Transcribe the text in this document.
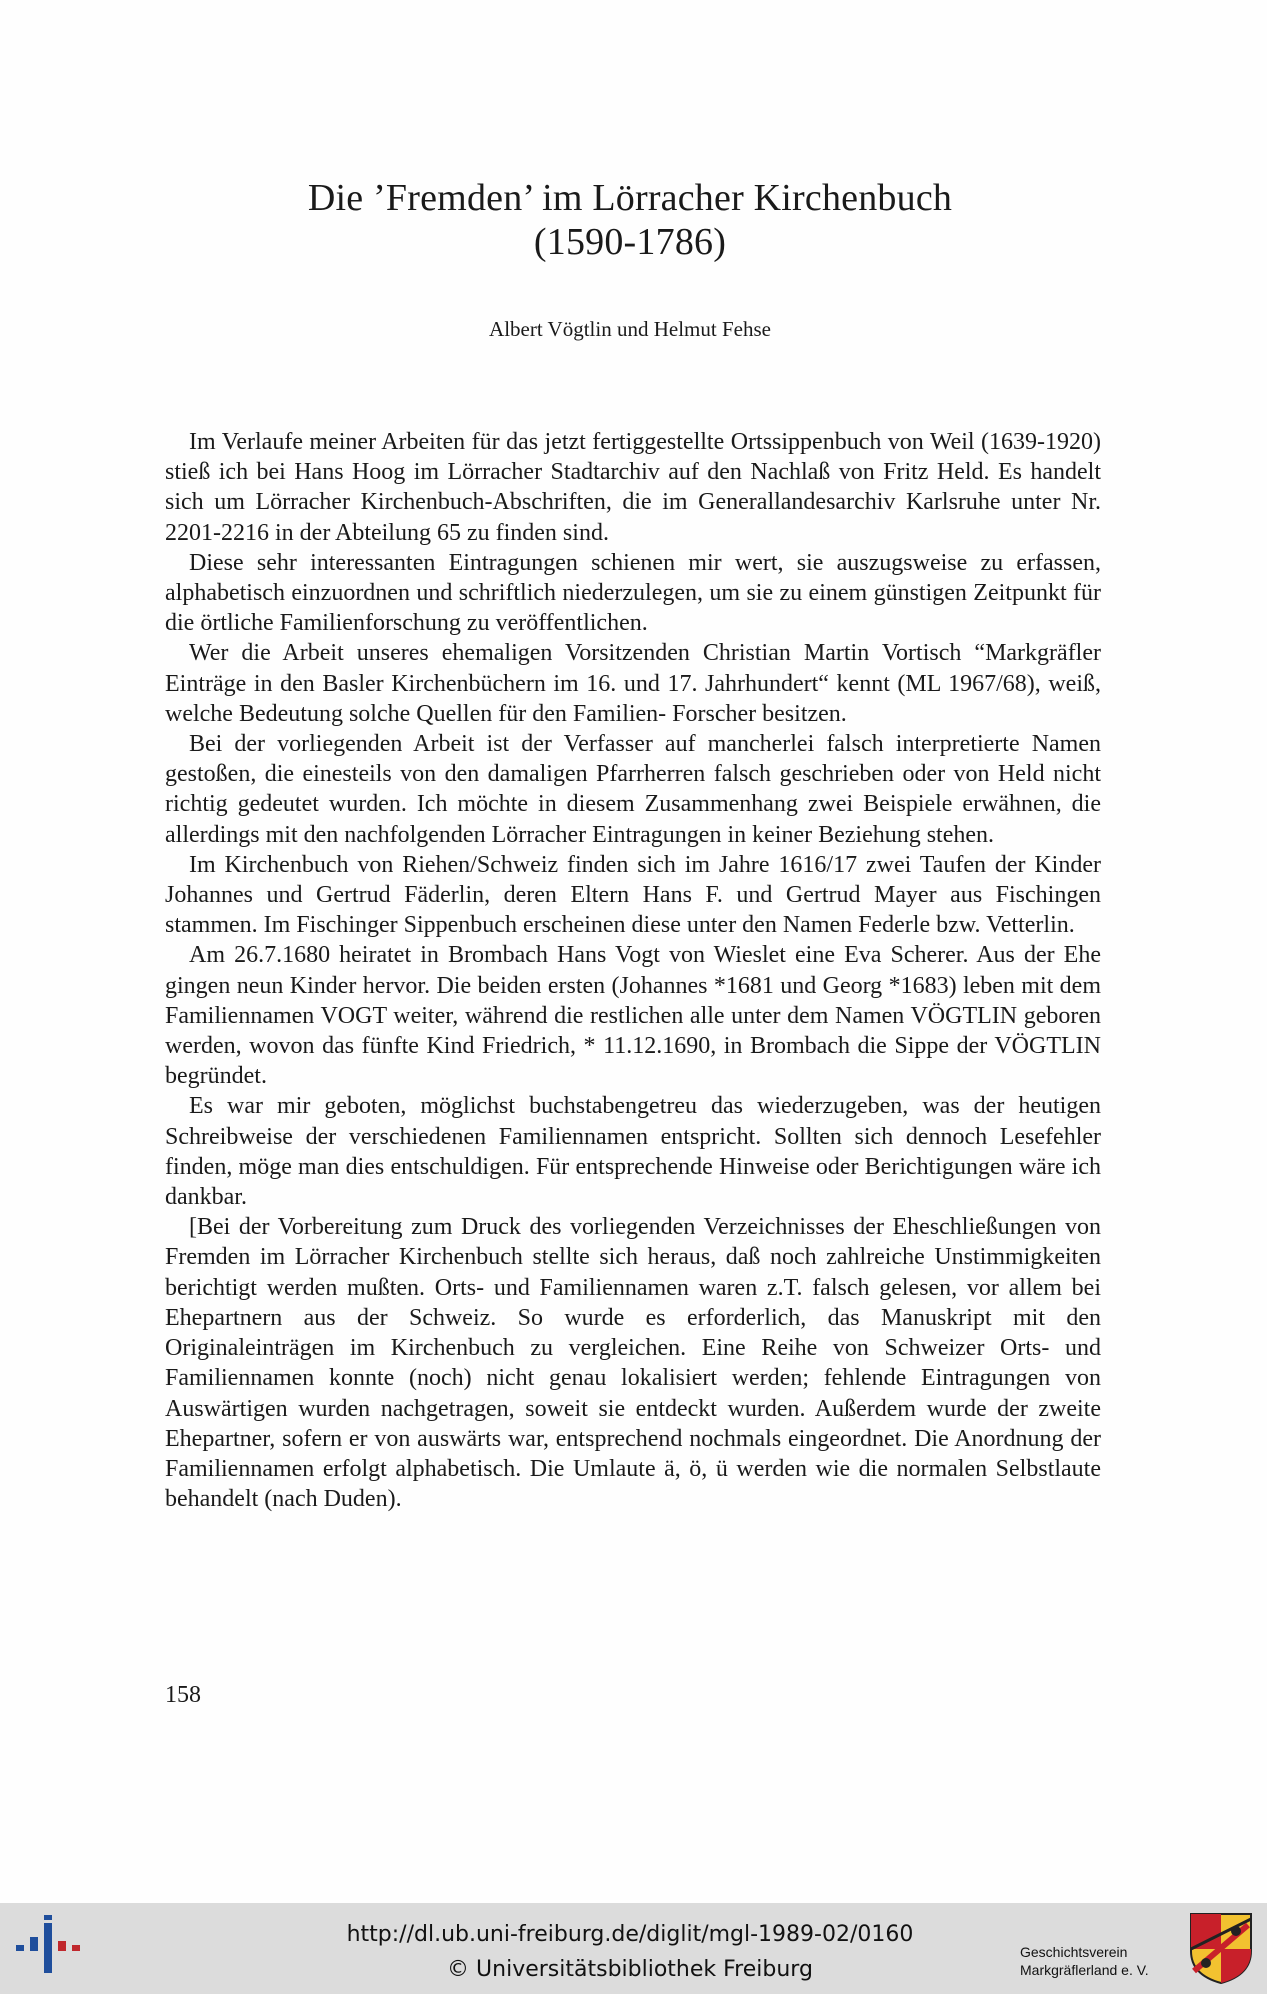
Die ’Fremden’ im Lörracher Kirchenbuch
(1590-1786)
Albert Vögtlin und Helmut Fehse

Im Verlaufe meiner Arbeiten für das jetzt fertiggestellte Ortssippenbuch von Weil (1639-1920) stieß ich bei Hans Hoog im Lörracher Stadtarchiv auf den Nachlaß von Fritz Held. Es handelt sich um Lörracher Kirchenbuch-Abschriften, die im Generallandesarchiv Karlsruhe unter Nr. 2201-2216 in der Abteilung 65 zu finden sind.

Diese sehr interessanten Eintragungen schienen mir wert, sie auszugsweise zu erfassen, alphabetisch einzuordnen und schriftlich niederzulegen, um sie zu einem günstigen Zeitpunkt für die örtliche Familienforschung zu veröffentlichen.

Wer die Arbeit unseres ehemaligen Vorsitzenden Christian Martin Vortisch “Markgräfler Einträge in den Basler Kirchenbüchern im 16. und 17. Jahrhundert“ kennt (ML 1967/68), weiß, welche Bedeutung solche Quellen für den Familien- Forscher besitzen.

Bei der vorliegenden Arbeit ist der Verfasser auf mancherlei falsch interpretierte Namen gestoßen, die einesteils von den damaligen Pfarrherren falsch geschrieben oder von Held nicht richtig gedeutet wurden. Ich möchte in diesem Zusammenhang zwei Beispiele erwähnen, die allerdings mit den nachfolgenden Lörracher Eintragungen in keiner Beziehung stehen.

Im Kirchenbuch von Riehen/Schweiz finden sich im Jahre 1616/17 zwei Taufen der Kinder Johannes und Gertrud Fäderlin, deren Eltern Hans F. und Gertrud Mayer aus Fischingen stammen. Im Fischinger Sippenbuch erscheinen diese unter den Namen Federle bzw. Vetterlin.

Am 26.7.1680 heiratet in Brombach Hans Vogt von Wieslet eine Eva Scherer. Aus der Ehe gingen neun Kinder hervor. Die beiden ersten (Johannes *1681 und Georg *1683) leben mit dem Familiennamen VOGT weiter, während die restlichen alle unter dem Namen VÖGTLIN geboren werden, wovon das fünfte Kind Friedrich, * 11.12.1690, in Brombach die Sippe der VÖGTLIN begründet.

Es war mir geboten, möglichst buchstabengetreu das wiederzugeben, was der heutigen Schreibweise der verschiedenen Familiennamen entspricht. Sollten sich dennoch Lesefehler finden, möge man dies entschuldigen. Für entsprechende Hinweise oder Berichtigungen wäre ich dankbar.

[Bei der Vorbereitung zum Druck des vorliegenden Verzeichnisses der Eheschließungen von Fremden im Lörracher Kirchenbuch stellte sich heraus, daß noch zahlreiche Unstimmigkeiten berichtigt werden mußten. Orts- und Familiennamen waren z.T. falsch gelesen, vor allem bei Ehepartnern aus der Schweiz. So wurde es erforderlich, das Manuskript mit den Originaleinträgen im Kirchenbuch zu vergleichen. Eine Reihe von Schweizer Orts- und Familiennamen konnte (noch) nicht genau lokalisiert werden; fehlende Eintragungen von Auswärtigen wurden nachgetragen, soweit sie entdeckt wurden. Außerdem wurde der zweite Ehepartner, sofern er von auswärts war, entsprechend nochmals eingeordnet. Die Anordnung der Familiennamen erfolgt alphabetisch. Die Umlaute ä, ö, ü werden wie die normalen Selbstlaute behandelt (nach Duden).

158
http://dl.ub.uni-freiburg.de/diglit/mgl-1989-02/0160
© Universitätsbibliothek Freiburg
Geschichtsverein
Markgräflerland e. V.
